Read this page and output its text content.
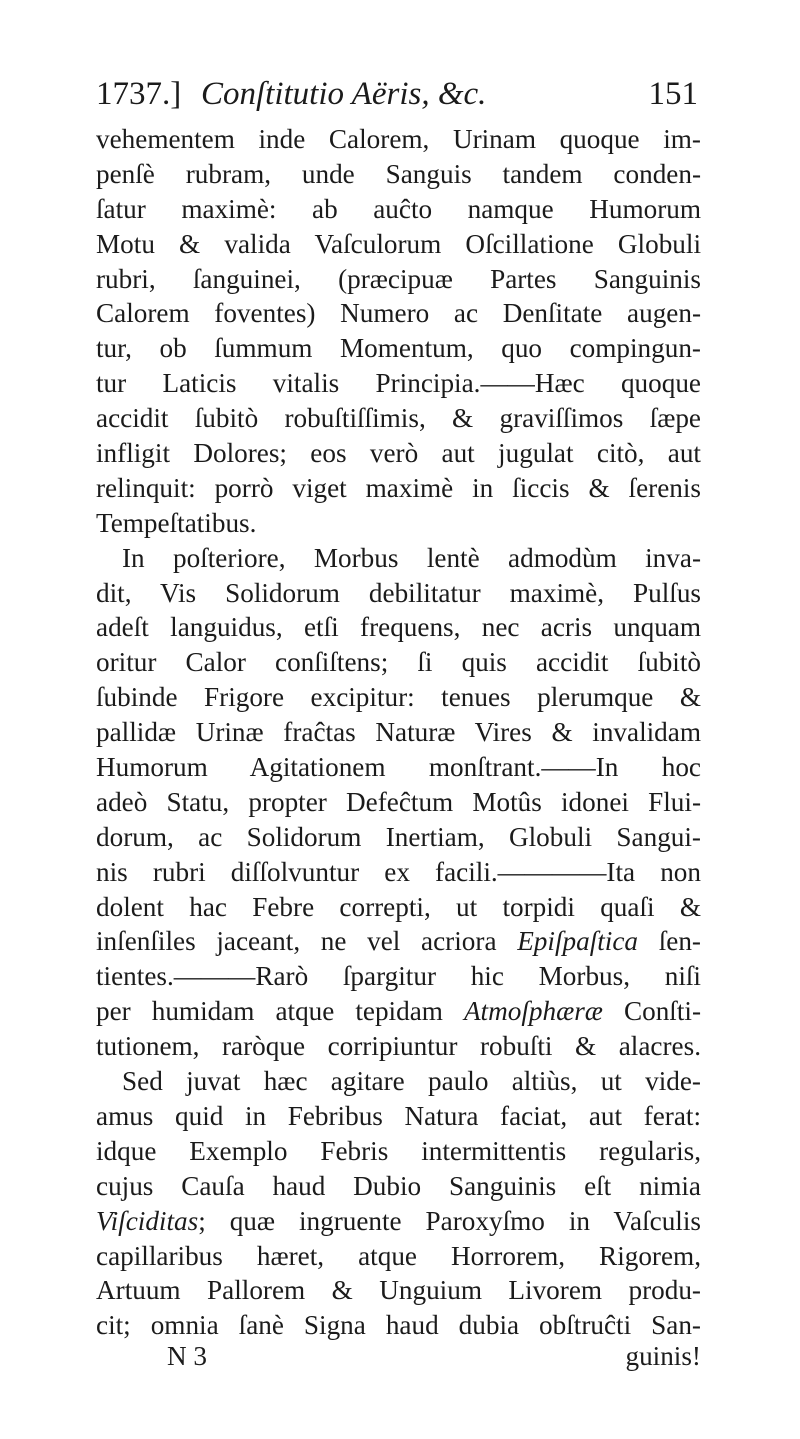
1737.] Conſtitutio Aëris, &c.	151
vehementem inde Calorem, Urinam quoque im-
penſè rubram, unde Sanguis tandem conden-
ſatur maximè: ab auĉto namque Humorum
Motu & valida Vaſculorum Oſcillatione Globuli
rubri, ſanguinei, (præcipuæ Partes Sanguinis
Calorem foventes) Numero ac Denſitate augen-
tur, ob ſummum Momentum, quo compingun-
tur Laticis vitalis Principia.——Hæc quoque
accidit ſubitò robuſtiſſimis, & graviſſimos ſæpe
infligit Dolores; eos verò aut jugulat citò, aut
relinquit: porrò viget maximè in ſiccis & ſerenis
Tempeſtatibus.
In poſteriore, Morbus lentè admodùm inva-
dit, Vis Solidorum debilitatur maximè, Pulſus
adeſt languidus, etſi frequens, nec acris unquam
oritur Calor conſiſtens; ſi quis accidit ſubitò
ſubinde Frigore excipitur: tenues plerumque &
pallidæ Urinæ fraĉtas Naturæ Vires & invalidam
Humorum Agitationem monſtrant.——In hoc
adeò Statu, propter Defeĉtum Motûs idonei Flui-
dorum, ac Solidorum Inertiam, Globuli Sangui-
nis rubri diſſolvuntur ex facili.————Ita non
dolent hac Febre correpti, ut torpidi quaſi &
inſenſiles jaceant, ne vel acriora Epiſpaſtica ſen-
tientes.———Rarò ſpargitur hic Morbus, niſi
per humidam atque tepidam Atmoſphæræ Conſti-
tutionem, raròque corripiuntur robuſti & alacres.
Sed juvat hæc agitare paulo altiùs, ut vide-
amus quid in Febribus Natura faciat, aut ferat:
idque Exemplo Febris intermittentis regularis,
cujus Cauſa haud Dubio Sanguinis eſt nimia
Viſciditas; quæ ingruente Paroxyſmo in Vaſculis
capillaribus hæret, atque Horrorem, Rigorem,
Artuum Pallorem & Unguium Livorem produ-
cit; omnia ſanè Signa haud dubia obſtruĉti San-
N 3	guinis!
